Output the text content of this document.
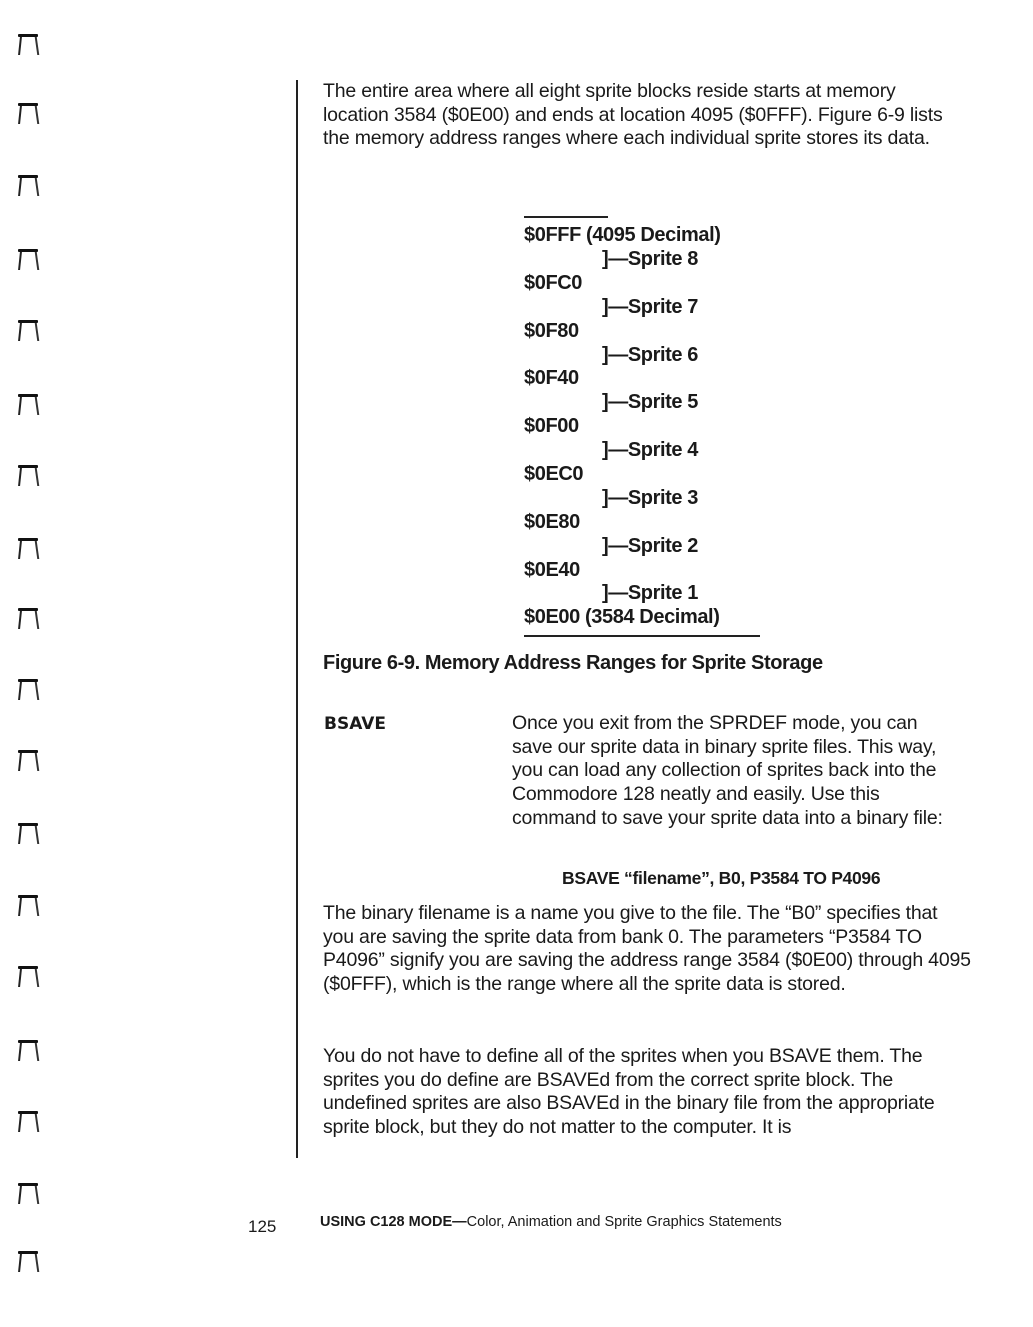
The entire area where all eight sprite blocks reside starts at memory location 3584 ($0E00) and ends at location 4095 ($0FFF). Figure 6-9 lists the memory address ranges where each individual sprite stores its data.

$0FFF (4095 Decimal)
]—Sprite 8
$0FC0
]—Sprite 7
$0F80
]—Sprite 6
$0F40
]—Sprite 5
$0F00
]—Sprite 4
$0EC0
]—Sprite 3
$0E80
]—Sprite 2
$0E40
]—Sprite 1
$0E00 (3584 Decimal)
Figure 6-9. Memory Address Ranges for Sprite Storage
BSAVE	Once you exit from the SPRDEF mode, you can save our sprite data in binary sprite files. This way, you can load any collection of sprites back into the Commodore 128 neatly and easily. Use this command to save your sprite data into a binary file:

BSAVE “filename”, B0, P3584 TO P4096

The binary filename is a name you give to the file. The “B0” specifies that you are saving the sprite data from bank 0. The parameters “P3584 TO P4096” signify you are saving the address range 3584 ($0E00) through 4095 ($0FFF), which is the range where all the sprite data is stored.

You do not have to define all of the sprites when you BSAVE them. The sprites you do define are BSAVEd from the correct sprite block. The undefined sprites are also BSAVEd in the binary file from the appropriate sprite block, but they do not matter to the computer. It is

125	USING C128 MODE—Color, Animation and Sprite Graphics Statements
